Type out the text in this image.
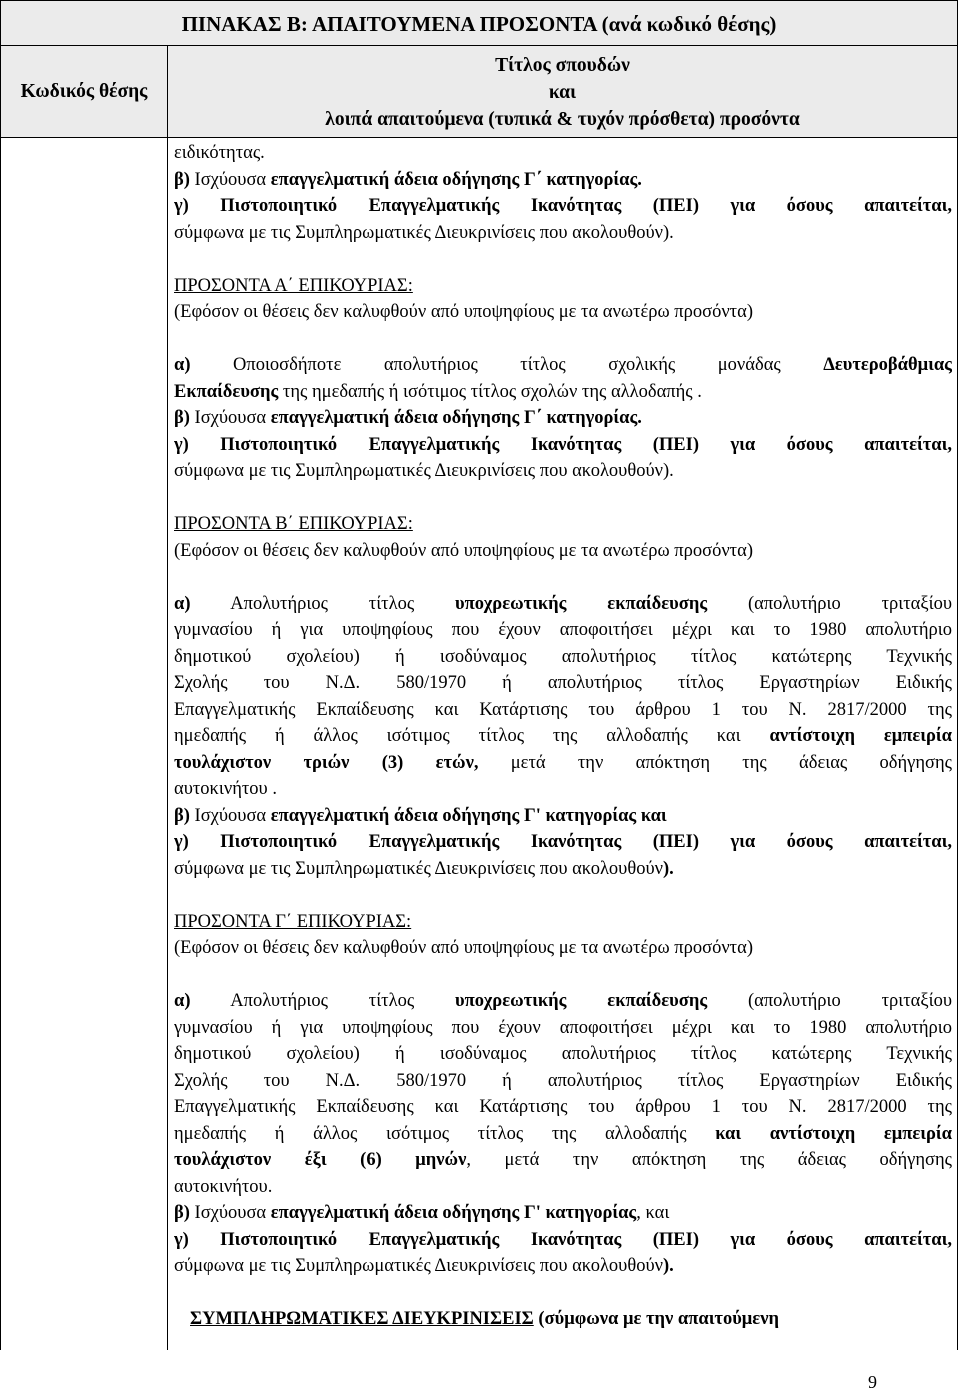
ΠΙΝΑΚΑΣ Β: ΑΠΑΙΤΟΥΜΕΝΑ ΠΡΟΣΟΝΤΑ (ανά κωδικό θέσης)
Κωδικός θέσης
Τίτλος σπουδών
και
λοιπά απαιτούμενα (τυπικά & τυχόν πρόσθετα) προσόντα
ειδικότητας.
β) Ισχύουσα επαγγελματική άδεια οδήγησης Γ΄ κατηγορίας.
γ) Πιστοποιητικό Επαγγελματικής Ικανότητας (ΠΕΙ) για όσους απαιτείται,
σύμφωνα με τις Συμπληρωματικές Διευκρινίσεις που ακολουθούν).
ΠΡΟΣΟΝΤΑ Α΄ ΕΠΙΚΟΥΡΙΑΣ:
(Εφόσον οι θέσεις δεν καλυφθούν από υποψηφίους με τα ανωτέρω προσόντα)
α) Οποιοσδήποτε απολυτήριος τίτλος σχολικής μονάδας Δευτεροβάθμιας
Εκπαίδευσης της ημεδαπής ή ισότιμος τίτλος σχολών της αλλοδαπής .
β) Ισχύουσα επαγγελματική άδεια οδήγησης Γ΄ κατηγορίας.
γ) Πιστοποιητικό Επαγγελματικής Ικανότητας (ΠΕΙ) για όσους απαιτείται,
σύμφωνα με τις Συμπληρωματικές Διευκρινίσεις που ακολουθούν).
ΠΡΟΣΟΝΤΑ Β΄ ΕΠΙΚΟΥΡΙΑΣ:
(Εφόσον οι θέσεις δεν καλυφθούν από υποψηφίους με τα ανωτέρω προσόντα)
α) Απολυτήριος τίτλος υποχρεωτικής εκπαίδευσης (απολυτήριο τριταξίου
γυμνασίου ή για υποψηφίους που έχουν αποφοιτήσει μέχρι και το 1980 απολυτήριο
δημοτικού σχολείου) ή ισοδύναμος απολυτήριος τίτλος κατώτερης Τεχνικής
Σχολής του Ν.Δ. 580/1970 ή απολυτήριος τίτλος Εργαστηρίων Ειδικής
Επαγγελματικής Εκπαίδευσης και Κατάρτισης του άρθρου 1 του Ν. 2817/2000 της
ημεδαπής ή άλλος ισότιμος τίτλος της αλλοδαπής και αντίστοιχη εμπειρία
τουλάχιστον τριών (3) ετών, μετά την απόκτηση της άδειας οδήγησης
αυτοκινήτου .
β) Ισχύουσα επαγγελματική άδεια οδήγησης Γ' κατηγορίας και
γ) Πιστοποιητικό Επαγγελματικής Ικανότητας (ΠΕΙ) για όσους απαιτείται,
σύμφωνα με τις Συμπληρωματικές Διευκρινίσεις που ακολουθούν).
ΠΡΟΣΟΝΤΑ Γ΄ ΕΠΙΚΟΥΡΙΑΣ:
(Εφόσον οι θέσεις δεν καλυφθούν από υποψηφίους με τα ανωτέρω προσόντα)
α) Απολυτήριος τίτλος υποχρεωτικής εκπαίδευσης (απολυτήριο τριταξίου
γυμνασίου ή για υποψηφίους που έχουν αποφοιτήσει μέχρι και το 1980 απολυτήριο
δημοτικού σχολείου) ή ισοδύναμος απολυτήριος τίτλος κατώτερης Τεχνικής
Σχολής του Ν.Δ. 580/1970 ή απολυτήριος τίτλος Εργαστηρίων Ειδικής
Επαγγελματικής Εκπαίδευσης και Κατάρτισης του άρθρου 1 του Ν. 2817/2000 της
ημεδαπής ή άλλος ισότιμος τίτλος της αλλοδαπής και αντίστοιχη εμπειρία
τουλάχιστον έξι (6) μηνών, μετά την απόκτηση της άδειας οδήγησης
αυτοκινήτου.
β) Ισχύουσα επαγγελματική άδεια οδήγησης Γ' κατηγορίας, και
γ) Πιστοποιητικό Επαγγελματικής Ικανότητας (ΠΕΙ) για όσους απαιτείται,
σύμφωνα με τις Συμπληρωματικές Διευκρινίσεις που ακολουθούν).
ΣΥΜΠΛΗΡΩΜΑΤΙΚΕΣ ΔΙΕΥΚΡΙΝΙΣΕΙΣ (σύμφωνα με την απαιτούμενη
9
